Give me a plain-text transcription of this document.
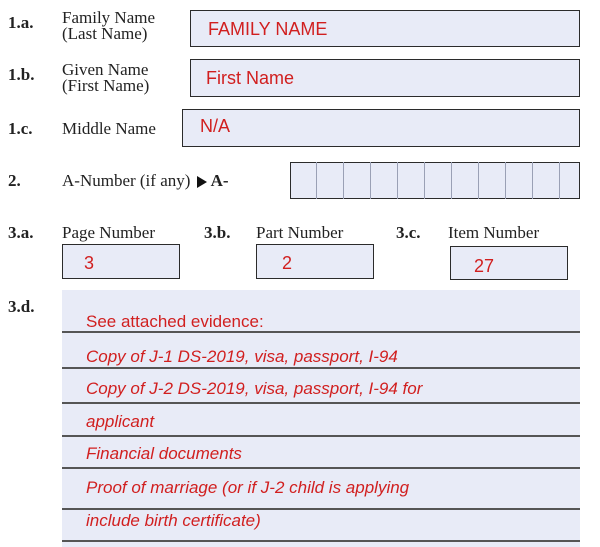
1.a. Family Name
(Last Name)	FAMILY NAME
1.b. Given Name
(First Name)	First Name
1.c. Middle Name N/A
2. A-Number (if any) A-
3.a. Page Number	3.b. Part Number	3.c. Item Number
3	2	27
3.d.
See attached evidence:
Copy of J-1 DS-2019, visa, passport, I-94
Copy of J-2 DS-2019, visa, passport, I-94 for
applicant
Financial documents
Proof of marriage (or if J-2 child is applying
include birth certificate)
